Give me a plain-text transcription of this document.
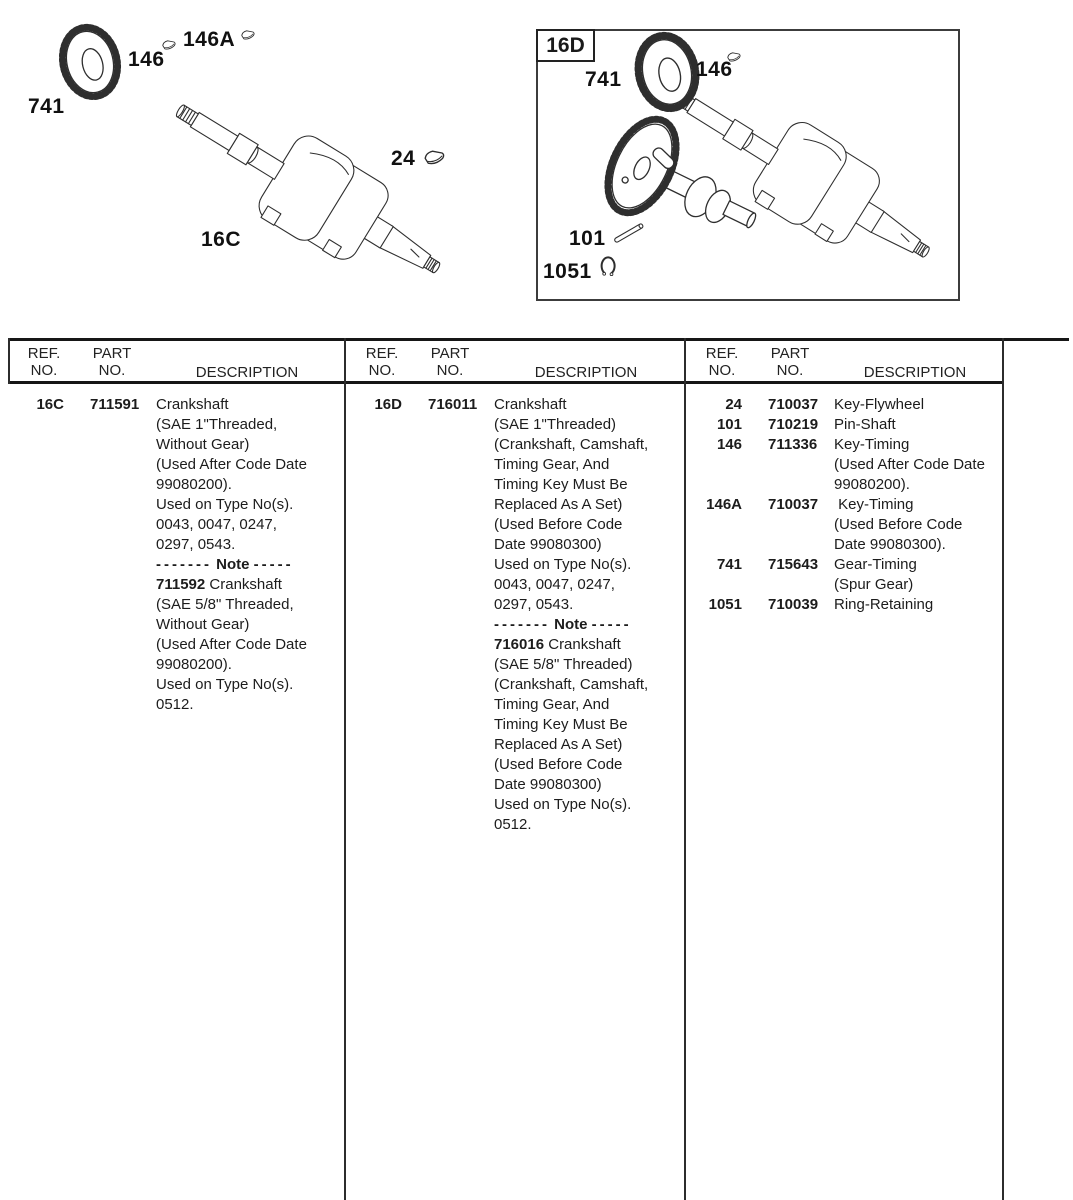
16D
741
146
146A
24
16C
741	146
101
1051
REF.
NO.
PART
NO.	DESCRIPTION
16C	711591	Crankshaft
(SAE 1"Threaded,
Without Gear)
(Used After Code Date
99080200).
Used on Type No(s).
0043, 0047, 0247,
0297, 0543.
------- Note -----
711592 Crankshaft
(SAE 5/8" Threaded,
Without Gear)
(Used After Code Date
99080200).
Used on Type No(s).
0512.
REF.
NO.
PART
NO.	DESCRIPTION
16D	716011	Crankshaft
(SAE 1"Threaded)
(Crankshaft, Camshaft,
Timing Gear, And
Timing Key Must Be
Replaced As A Set)
(Used Before Code
Date 99080300)
Used on Type No(s).
0043, 0047, 0247,
0297, 0543.
------- Note -----
716016 Crankshaft
(SAE 5/8" Threaded)
(Crankshaft, Camshaft,
Timing Gear, And
Timing Key Must Be
Replaced As A Set)
(Used Before Code
Date 99080300)
Used on Type No(s).
0512.
REF.
NO.
PART
NO.	DESCRIPTION
24	710037	Key-Flywheel
101	710219	Pin-Shaft
146	711336	Key-Timing
(Used After Code Date
99080200).
146A	710037	Key-Timing
(Used Before Code
Date 99080300).
741	715643	Gear-Timing
(Spur Gear)
1051	710039	Ring-Retaining
